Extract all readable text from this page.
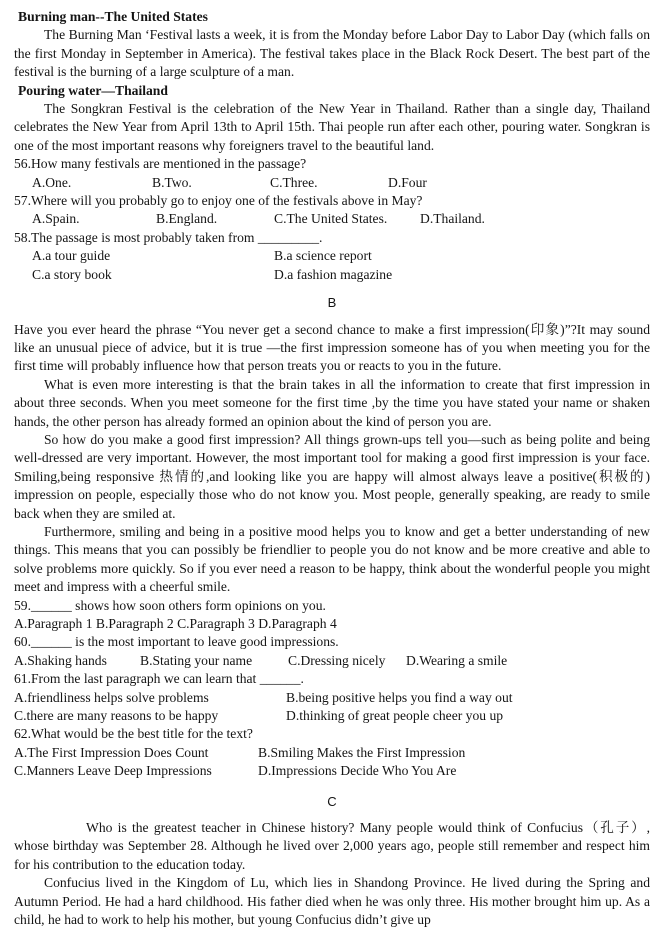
Burning man--The United States

The Burning Man ‘Festival lasts a week, it is from the Monday before Labor Day to Labor Day (which falls on the first Monday in September in America). The festival takes place in the Black Rock Desert. The best part of the festival is the burning of a large sculpture of a man.

Pouring water—Thailand

The Songkran Festival is the celebration of the New Year in Thailand. Rather than a single day, Thailand celebrates the New Year from April 13th to April 15th. Thai people run after each other, pouring water. Songkran is one of the most important reasons why foreigners travel to the beautiful land.

56.How many festivals are mentioned in the passage?

A.One.	B.Two.	C.Three.	D.Four

57.Where will you probably go to enjoy one of the festivals above in May?

A.Spain.	B.England.	C.The United States.	D.Thailand.

58.The passage is most probably taken from _________.

A.a tour guide	B.a science report
C.a story book	D.a fashion magazine
B

Have you ever heard the phrase “You never get a second chance to make a first impression(印象)”?It may sound like an unusual piece of advice, but it is true —the first impression someone has of you when meeting you for the first time will probably influence how that person treats you or reacts to you in the future.

What is even more interesting is that the brain takes in all the information to create that first impression in about three seconds. When you meet someone for the first time ,by the time you have stated your name or shaken hands, the other person has already formed an opinion about the kind of person you are.

So how do you make a good first impression? All things grown-ups tell you—such as being polite and being well-dressed are very important. However, the most important tool for making a good first impression is your face. Smiling,being responsive 热情的,and looking like you are happy will almost always leave a positive(积极的) impression on people, especially those who do not know you. Most people, generally speaking, are ready to smile back when they are smiled at.

Furthermore, smiling and being in a positive mood helps you to know and get a better understanding of new things. This means that you can possibly be friendlier to people you do not know and be more creative and able to solve problems more quickly. So if you ever need a reason to be happy, think about the wonderful people you might meet and impress with a cheerful smile.

59.______ shows how soon others form opinions on you.

A.Paragraph 1 B.Paragraph 2 C.Paragraph 3 D.Paragraph 4

60.______ is the most important to leave good impressions.

A.Shaking hands	B.Stating your name	C.Dressing nicely	D.Wearing a smile

61.From the last paragraph we can learn that ______.

A.friendliness helps solve problems	B.being positive helps you find a way out
C.there are many reasons to be happy	D.thinking of great people cheer you up

62.What would be the best title for the text?

A.The First Impression Does Count	B.Smiling Makes the First Impression
C.Manners Leave Deep Impressions	D.Impressions Decide Who You Are
C

Who is the greatest teacher in Chinese history? Many people would think of Confucius（孔子）, whose birthday was September 28. Although he lived over 2,000 years ago, people still remember and respect him for his contribution to the education today.

Confucius lived in the Kingdom of Lu, which lies in Shandong Province. He lived during the Spring and Autumn Period. He had a hard childhood. His father died when he was only three. His mother brought him up. As a child, he had to work to help his mother, but young Confucius didn’t give up
